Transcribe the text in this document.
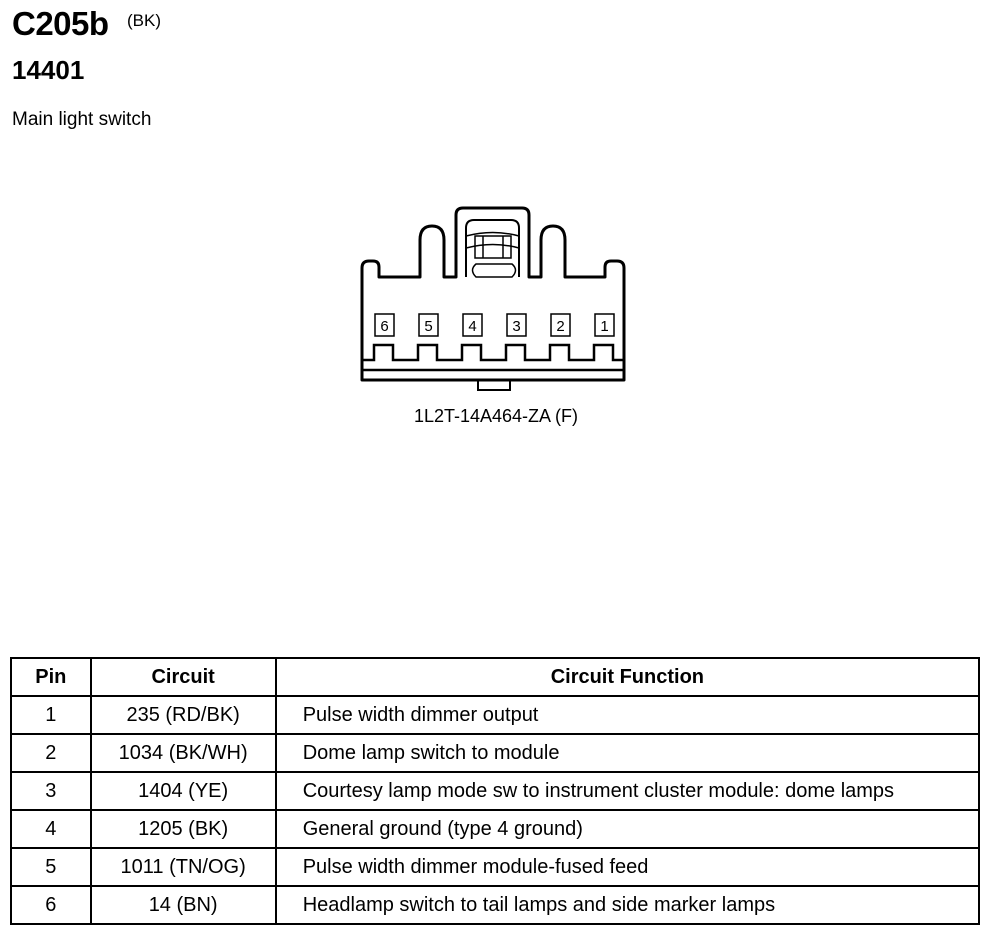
C205b (BK)
14401
Main light switch
6 5 4 3 2 1
1L2T-14A464-ZA (F)
Pin	Circuit	Circuit Function
1	235 (RD/BK)	Pulse width dimmer output
2	1034 (BK/WH)	Dome lamp switch to module
3	1404 (YE)	Courtesy lamp mode sw to instrument cluster module: dome lamps
4	1205 (BK)	General ground (type 4 ground)
5	1011 (TN/OG)	Pulse width dimmer module-fused feed
6	14 (BN)	Headlamp switch to tail lamps and side marker lamps
